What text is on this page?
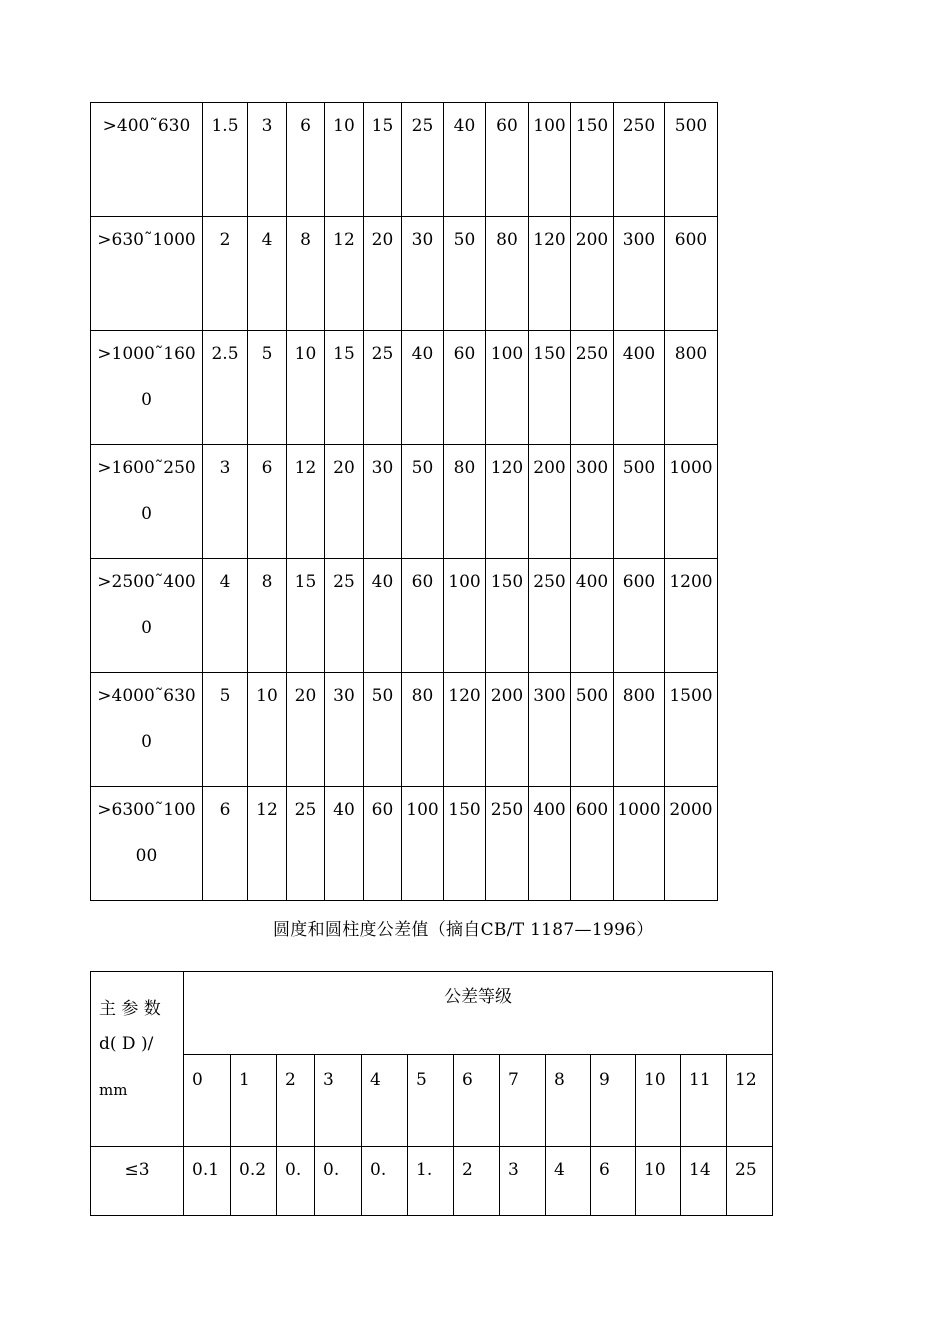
>400˜630	1.5	3	6	10	15	25	40	60	100	150	250	500
>630˜1000	2	4	8	12	20	30	50	80	120	200	300	600
>1000˜1600	2.5	5	10	15	25	40	60	100	150	250	400	800
>1600˜2500	3	6	12	20	30	50	80	120	200	300	500	1000
>2500˜4000	4	8	15	25	40	60	100	150	250	400	600	1200
>4000˜6300	5	10	20	30	50	80	120	200	300	500	800	1500
>6300˜10000	6	12	25	40	60	100	150	250	400	600	1000	2000
圆度和圆柱度公差值（摘自CB/T 1187—1996）
主 参 数
d( D )/
mm	公差等级												
	0	1	2	3	4	5	6	7	8	9	10	11	12
≤3	0.1	0.2	0.	0.	0.	1.	2	3	4	6	10	14	25
